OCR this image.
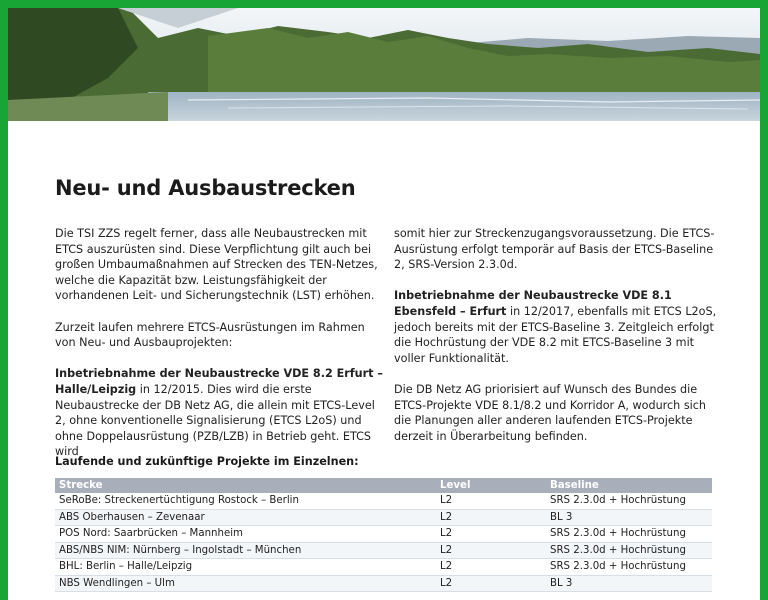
Neu- und Ausbaustrecken

Die TSI ZZS regelt ferner, dass alle Neubaustrecken mit ETCS auszurüsten sind. Diese Verpflichtung gilt auch bei großen Umbaumaßnahmen auf Strecken des TEN-Netzes, welche die Kapazität bzw. Leistungsfähigkeit der vorhandenen Leit- und Sicherungstechnik (LST) erhöhen.

Zurzeit laufen mehrere ETCS-Ausrüstungen im Rahmen von Neu- und Ausbauprojekten:

Inbetriebnahme der Neubaustrecke VDE 8.2 Erfurt – Halle/Leipzig in 12/2015. Dies wird die erste Neubaustrecke der DB Netz AG, die allein mit ETCS-Level 2, ohne konventionelle Signalisierung (ETCS L2oS) und ohne Doppelausrüstung (PZB/LZB) in Betrieb geht. ETCS wird

somit hier zur Streckenzugangsvoraussetzung. Die ETCS-Ausrüstung erfolgt temporär auf Basis der ETCS-Baseline 2, SRS-Version 2.3.0d.

Inbetriebnahme der Neubaustrecke VDE 8.1 Ebensfeld – Erfurt in 12/2017, ebenfalls mit ETCS L2oS, jedoch bereits mit der ETCS-Baseline 3. Zeitgleich erfolgt die Hochrüstung der VDE 8.2 mit ETCS-Baseline 3 mit voller Funktionalität.

Die DB Netz AG priorisiert auf Wunsch des Bundes die ETCS-Projekte VDE 8.1/8.2 und Korridor A, wodurch sich die Planungen aller anderen laufenden ETCS-Projekte derzeit in Überarbeitung befinden.

Laufende und zukünftige Projekte im Einzelnen:
Strecke	Level	Baseline
SeRoBe: Streckenertüchtigung Rostock – Berlin	L2	SRS 2.3.0d + Hochrüstung
ABS Oberhausen – Zevenaar	L2	BL 3
POS Nord: Saarbrücken – Mannheim	L2	SRS 2.3.0d + Hochrüstung
ABS/NBS NIM: Nürnberg – Ingolstadt – München	L2	SRS 2.3.0d + Hochrüstung
BHL: Berlin – Halle/Leipzig	L2	SRS 2.3.0d + Hochrüstung
NBS Wendlingen – Ulm	L2	BL 3
